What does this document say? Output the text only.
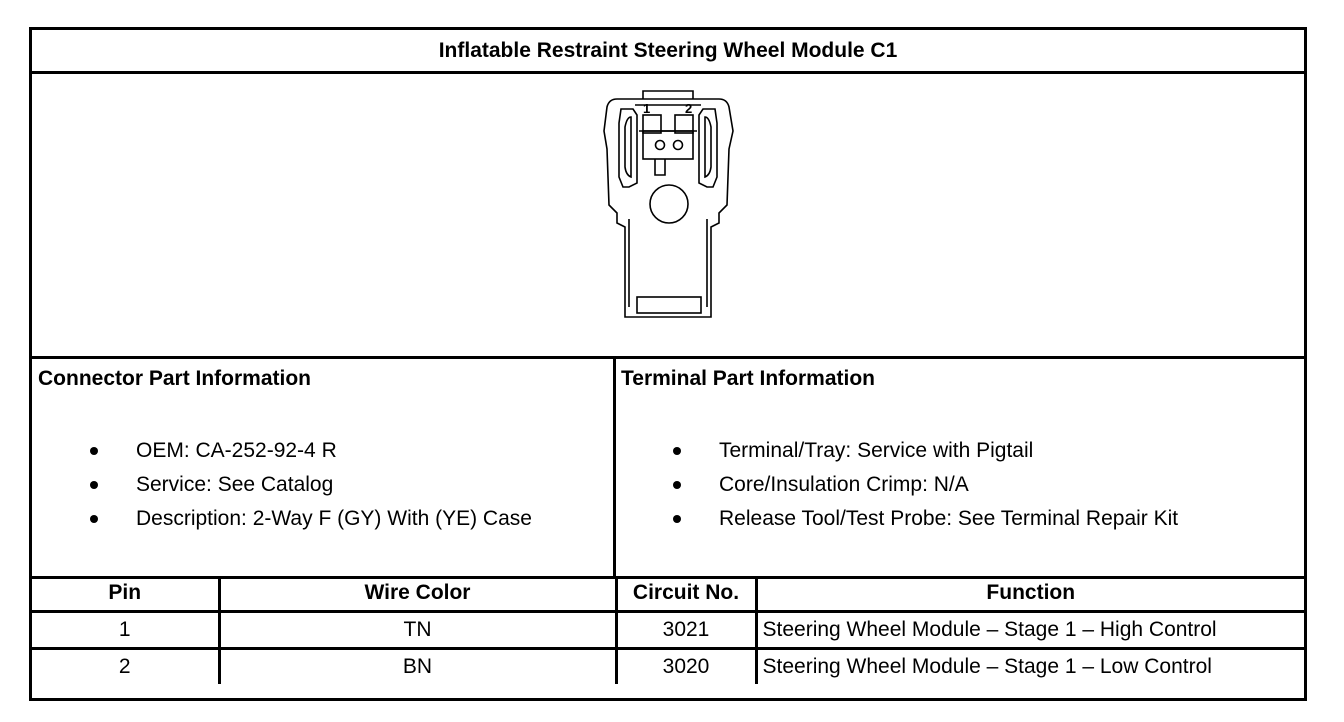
Inflatable Restraint Steering Wheel Module C1
1	2
Connector Part Information
OEM: CA-252-92-4 R
Service: See Catalog
Description: 2-Way F (GY) With (YE) Case
Terminal Part Information
Terminal/Tray: Service with Pigtail
Core/Insulation Crimp: N/A
Release Tool/Test Probe: See Terminal Repair Kit
Pin	Wire Color	Circuit No.	Function
1	TN	3021	Steering Wheel Module – Stage 1 – High Control
2	BN	3020	Steering Wheel Module – Stage 1 – Low Control
